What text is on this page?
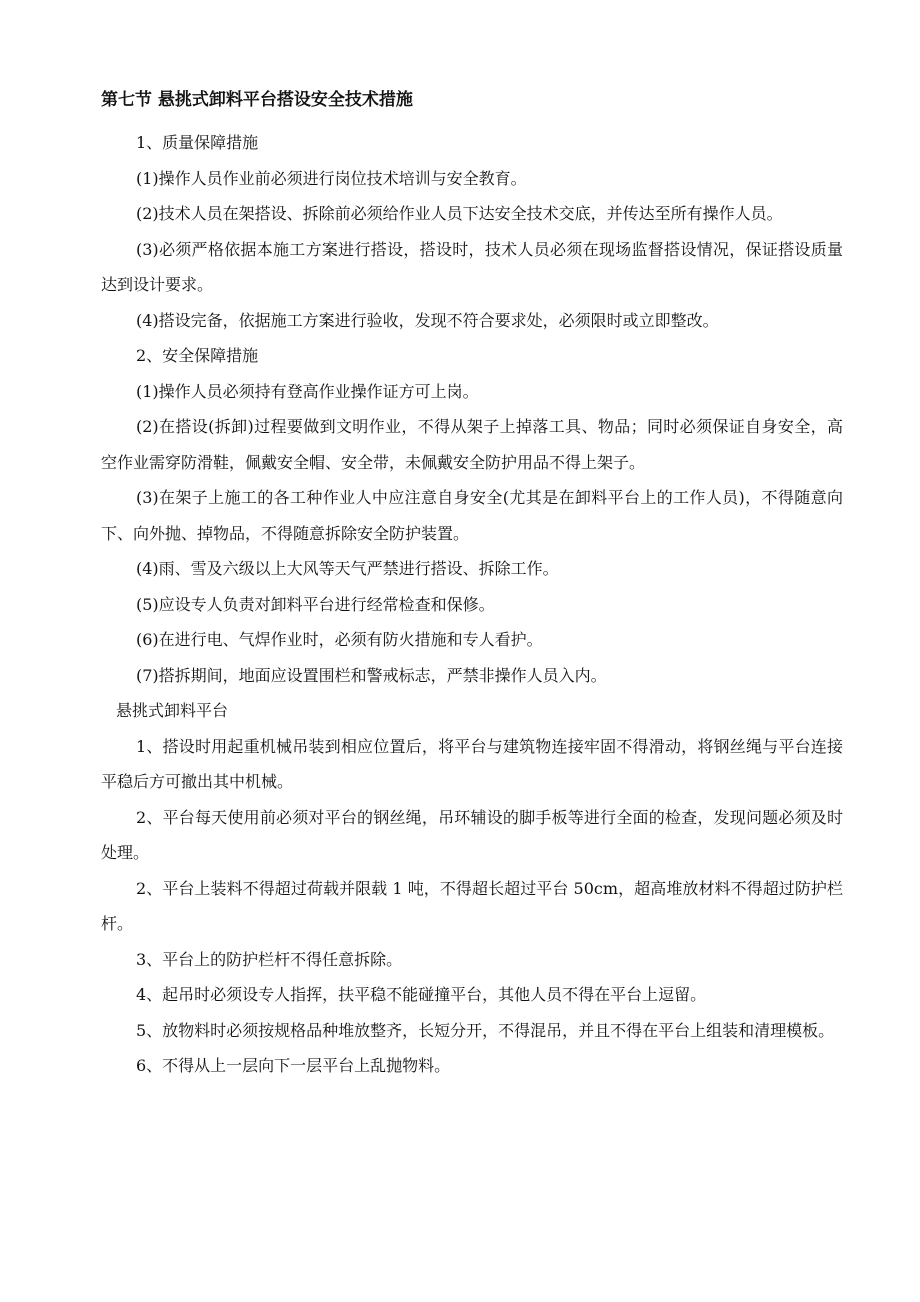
第七节 悬挑式卸料平台搭设安全技术措施

1、质量保障措施

(1)操作人员作业前必须进行岗位技术培训与安全教育。

(2)技术人员在架搭设、拆除前必须给作业人员下达安全技术交底，并传达至所有操作人员。

(3)必须严格依据本施工方案进行搭设，搭设时，技术人员必须在现场监督搭设情况，保证搭设质量达到设计要求。

(4)搭设完备，依据施工方案进行验收，发现不符合要求处，必须限时或立即整改。

2、安全保障措施

(1)操作人员必须持有登高作业操作证方可上岗。

(2)在搭设(拆卸)过程要做到文明作业，不得从架子上掉落工具、物品；同时必须保证自身安全，高空作业需穿防滑鞋，佩戴安全帽、安全带，未佩戴安全防护用品不得上架子。

(3)在架子上施工的各工种作业人中应注意自身安全(尤其是在卸料平台上的工作人员)，不得随意向下、向外抛、掉物品，不得随意拆除安全防护装置。

(4)雨、雪及六级以上大风等天气严禁进行搭设、拆除工作。

(5)应设专人负责对卸料平台进行经常检查和保修。

(6)在进行电、气焊作业时，必须有防火措施和专人看护。

(7)搭拆期间，地面应设置围栏和警戒标志，严禁非操作人员入内。

悬挑式卸料平台

1、搭设时用起重机械吊装到相应位置后，将平台与建筑物连接牢固不得滑动，将钢丝绳与平台连接平稳后方可撤出其中机械。

2、平台每天使用前必须对平台的钢丝绳，吊环辅设的脚手板等进行全面的检查，发现问题必须及时处理。

2、平台上装料不得超过荷载并限载 1 吨，不得超长超过平台 50cm，超高堆放材料不得超过防护栏杆。

3、平台上的防护栏杆不得任意拆除。

4、起吊时必须设专人指挥，扶平稳不能碰撞平台，其他人员不得在平台上逗留。

5、放物料时必须按规格品种堆放整齐，长短分开，不得混吊，并且不得在平台上组装和清理模板。

6、不得从上一层向下一层平台上乱抛物料。
